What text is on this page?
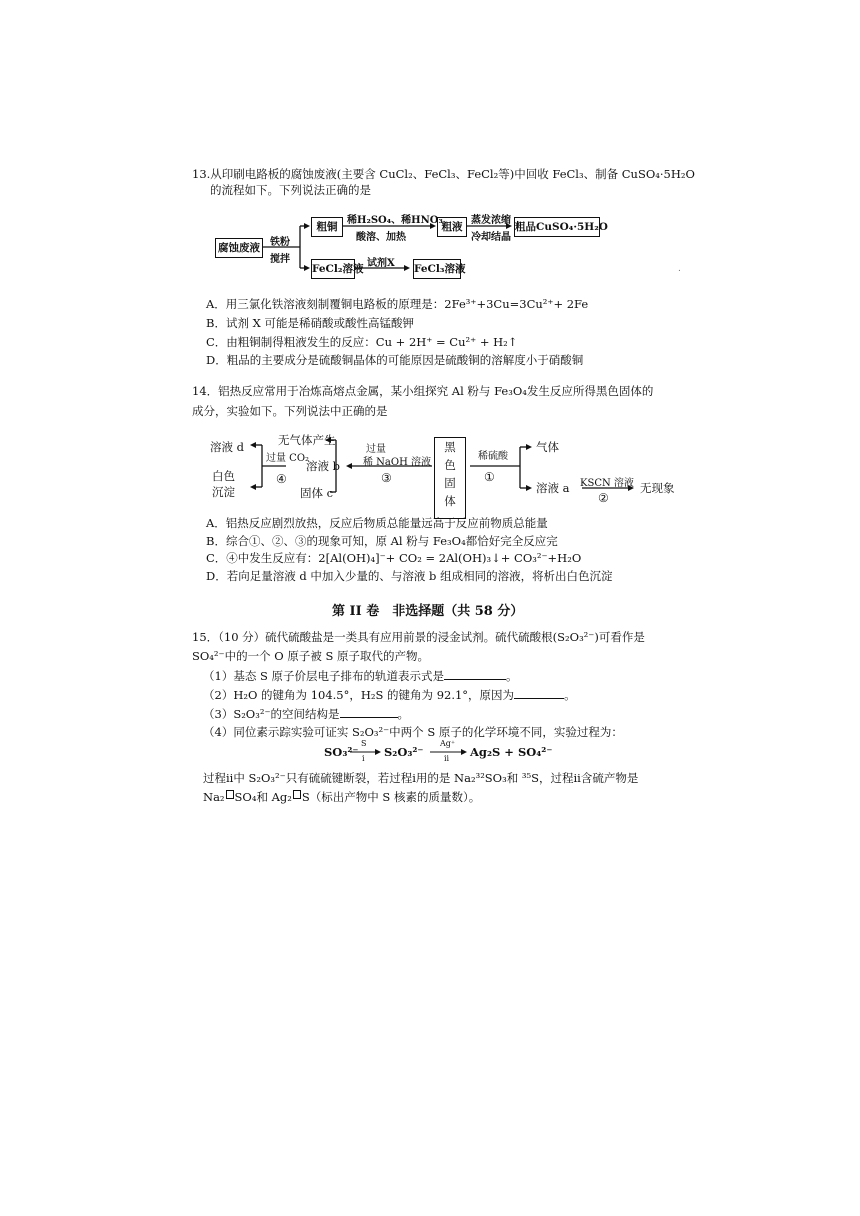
13.从印刷电路板的腐蚀废液(主要含 CuCl₂、FeCl₃、FeCl₂等)中回收 FeCl₃、制备 CuSO₄·5H₂O
的流程如下。下列说法正确的是
腐蚀废液	铁粉
搅拌
粗铜
稀H₂SO₄、稀HNO₃
酸溶、加热
粗液
蒸发浓缩
冷却结晶
粗品CuSO₄·5H₂O
FeCl₂溶液 试剂X FeCl₃溶液
A．用三氯化铁溶液刻制覆铜电路板的原理是：2Fe³⁺+3Cu=3Cu²⁺+ 2Fe
B．试剂 X 可能是稀硝酸或酸性高锰酸钾
C．由粗铜制得粗液发生的反应：Cu + 2H⁺ = Cu²⁺ + H₂↑
D．粗品的主要成分是硫酸铜晶体的可能原因是硫酸铜的溶解度小于硝酸铜
14．铝热反应常用于冶炼高熔点金属，某小组探究 Al 粉与 Fe₃O₄发生反应所得黑色固体的
成分，实验如下。下列说法中正确的是
溶液 d	无气体产生
过量 CO₂
④
溶液 b
过量
稀 NaOH 溶液
③
白色
沉淀	固体 c
黑
色
固
体
稀硫酸
①
气体
溶液 a KSCN 溶液
②
无现象
A．铝热反应剧烈放热，反应后物质总能量远高于反应前物质总能量
B．综合①、②、③的现象可知，原 Al 粉与 Fe₃O₄都恰好完全反应完
C．④中发生反应有：2[Al(OH)₄]⁻+ CO₂ = 2Al(OH)₃↓+ CO₃²⁻+H₂O
D．若向足量溶液 d 中加入少量的、与溶液 b 组成相同的溶液，将析出白色沉淀
第 II 卷　非选择题（共 58 分）
15．（10 分）硫代硫酸盐是一类具有应用前景的浸金试剂。硫代硫酸根(S₂O₃²⁻)可看作是
SO₄²⁻中的一个 O 原子被 S 原子取代的产物。
（1）基态 S 原子价层电子排布的轨道表示式是	。
（2）H₂O 的键角为 104.5°，H₂S 的键角为 92.1°，原因为	。
（3）S₂O₃²⁻的空间结构是	。
（4）同位素示踪实验可证实 S₂O₃²⁻中两个 S 原子的化学环境不同，实验过程为：
SO₃²⁻
S
i S₂O₃²⁻
Ag⁺
ii Ag₂S + SO₄²⁻
过程ii中 S₂O₃²⁻只有硫硫键断裂，若过程i用的是 Na₂³²SO₃和 ³⁵S，过程ii含硫产物是
Na₂ SO₄和 Ag₂ S（标出产物中 S 核素的质量数）。
.
